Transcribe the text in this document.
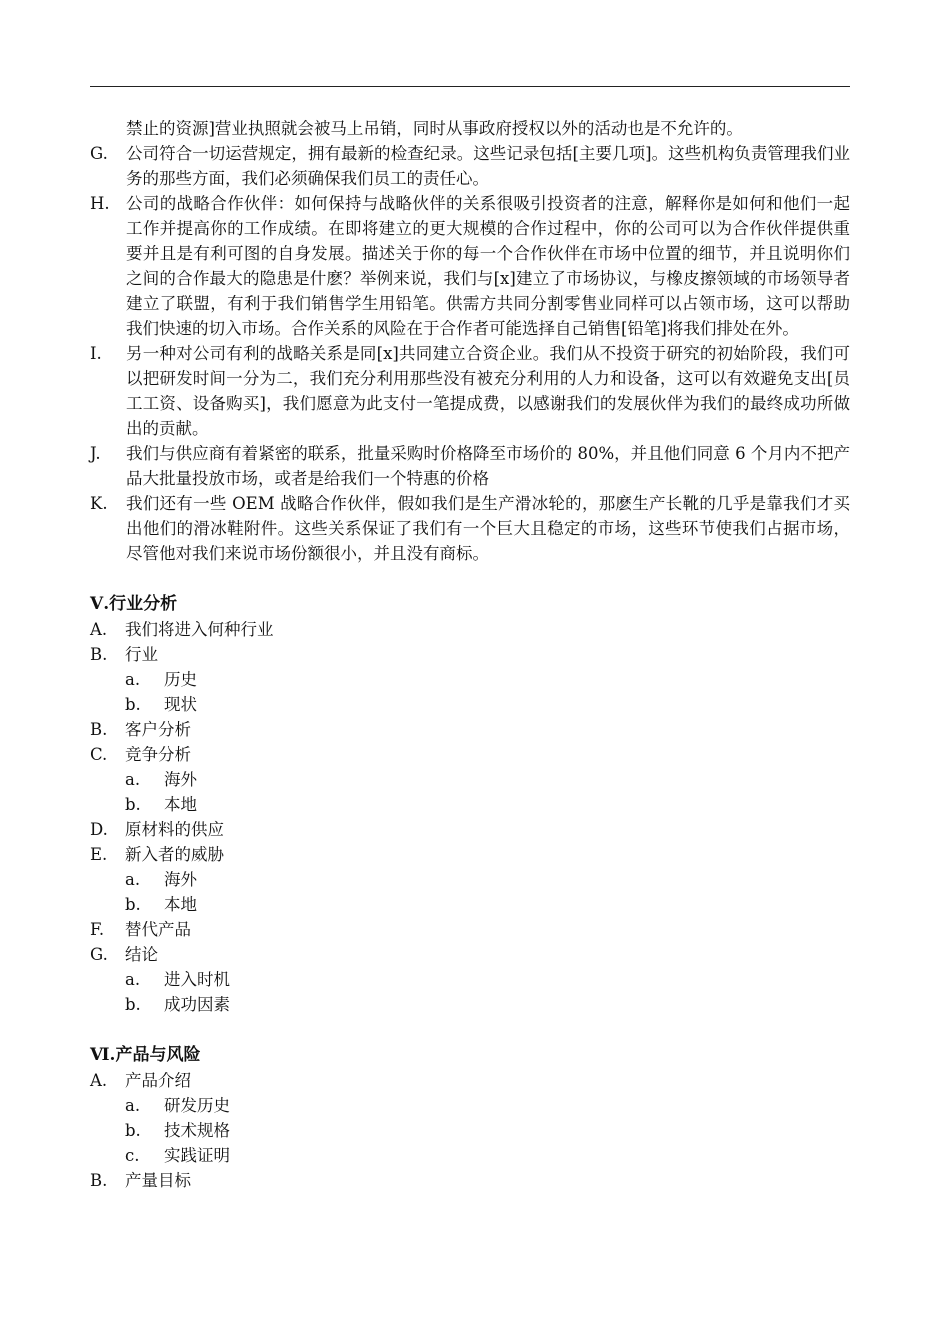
禁止的资源]营业执照就会被马上吊销，同时从事政府授权以外的活动也是不允许的。
G. 公司符合一切运营规定，拥有最新的检查纪录。这些记录包括[主要几项]。这些机构负责管理我们业务的那些方面，我们必须确保我们员工的责任心。
H. 公司的战略合作伙伴：如何保持与战略伙伴的关系很吸引投资者的注意，解释你是如何和他们一起工作并提高你的工作成绩。在即将建立的更大规模的合作过程中，你的公司可以为合作伙伴提供重要并且是有利可图的自身发展。描述关于你的每一个合作伙伴在市场中位置的细节，并且说明你们之间的合作最大的隐患是什麽？举例来说，我们与[x]建立了市场协议，与橡皮擦领域的市场领导者建立了联盟，有利于我们销售学生用铅笔。供需方共同分割零售业同样可以占领市场，这可以帮助我们快速的切入市场。合作关系的风险在于合作者可能选择自己销售[铅笔]将我们排处在外。
I. 另一种对公司有利的战略关系是同[x]共同建立合资企业。我们从不投资于研究的初始阶段，我们可以把研发时间一分为二，我们充分利用那些没有被充分利用的人力和设备，这可以有效避免支出[员工工资、设备购买]，我们愿意为此支付一笔提成费，以感谢我们的发展伙伴为我们的最终成功所做出的贡献。
J. 我们与供应商有着紧密的联系，批量采购时价格降至市场价的 80%，并且他们同意 6 个月内不把产品大批量投放市场，或者是给我们一个特惠的价格
K. 我们还有一些 OEM 战略合作伙伴，假如我们是生产滑冰轮的，那麽生产长靴的几乎是靠我们才买出他们的滑冰鞋附件。这些关系保证了我们有一个巨大且稳定的市场，这些环节使我们占据市场，尽管他对我们来说市场份额很小，并且没有商标。
Ⅴ.行业分析
A. 我们将进入何种行业
B. 行业
a. 历史
b. 现状
B. 客户分析
C. 竞争分析
a. 海外
b. 本地
D. 原材料的供应
E. 新入者的威胁
a. 海外
b. 本地
F. 替代产品
G. 结论
a. 进入时机
b. 成功因素
Ⅵ.产品与风险
A. 产品介绍
a. 研发历史
b. 技术规格
c. 实践证明
B. 产量目标
